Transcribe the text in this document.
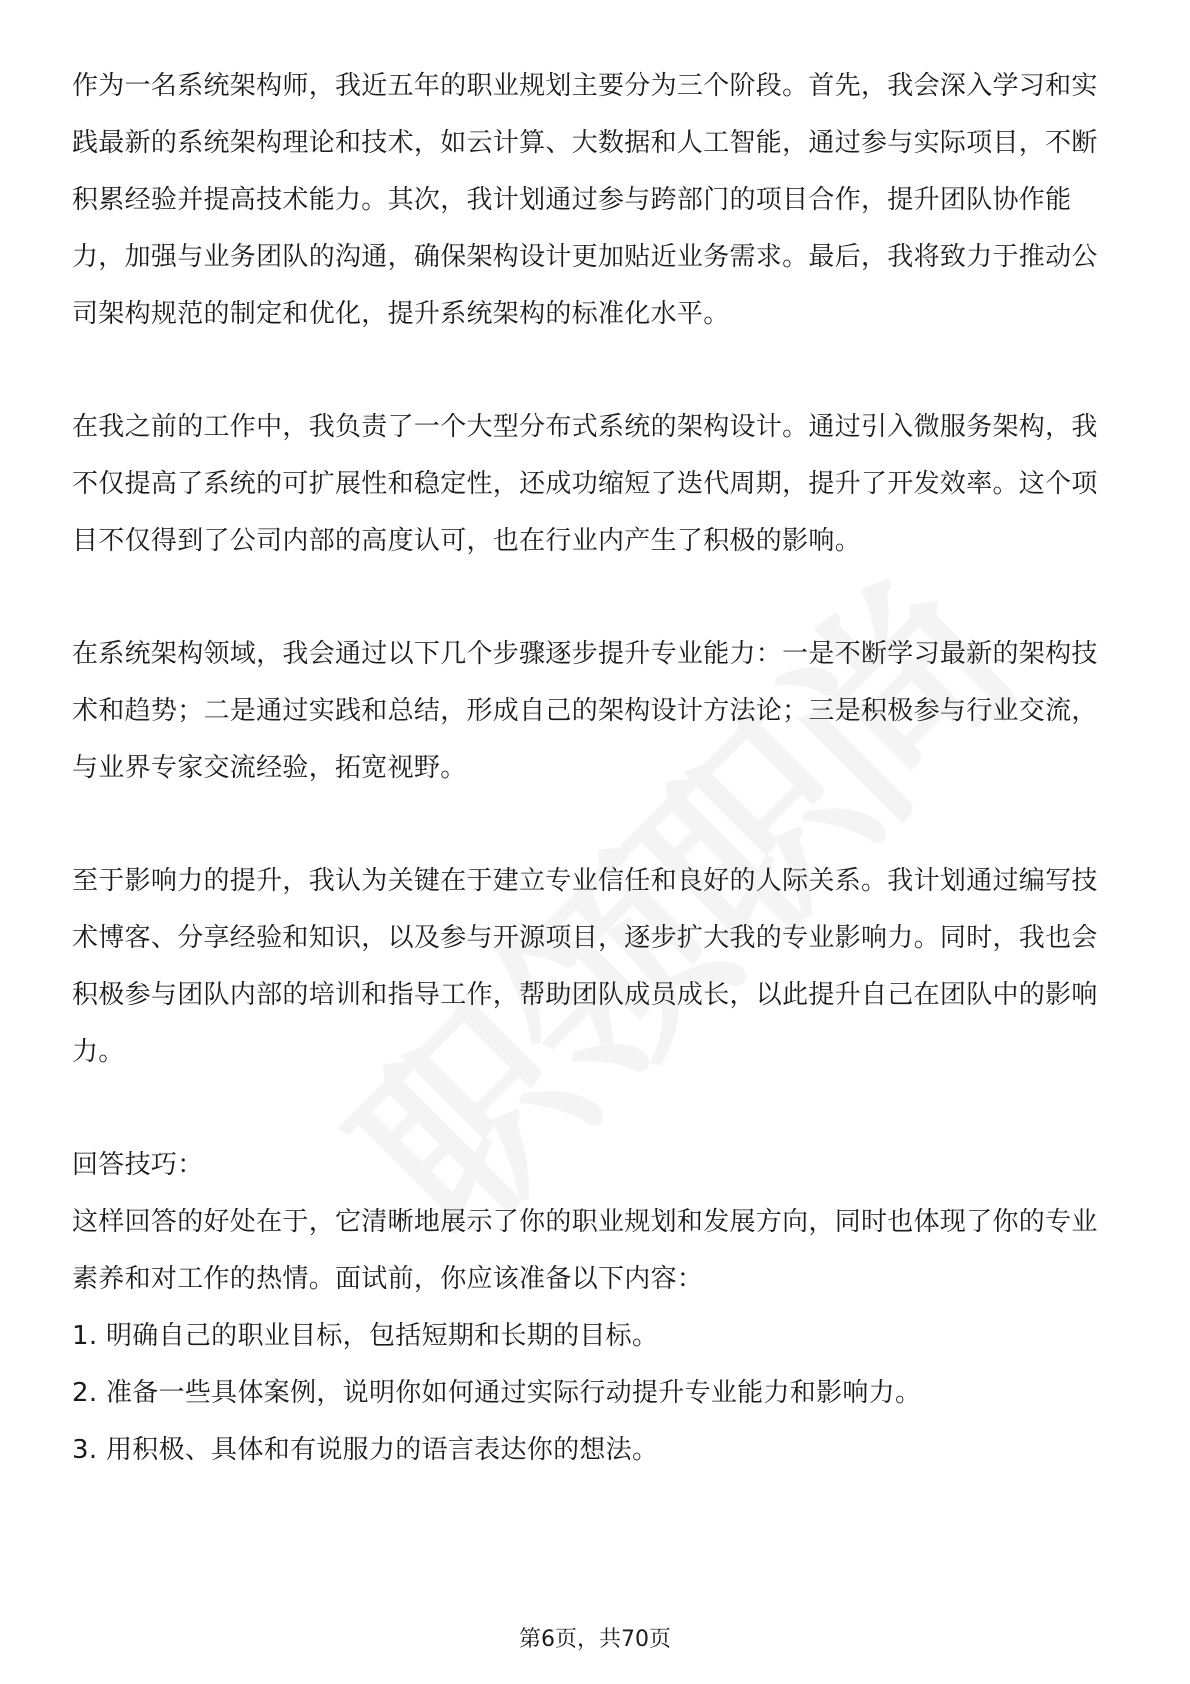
作为一名系统架构师，我近五年的职业规划主要分为三个阶段。首先，我会深入学习和实践最新的系统架构理论和技术，如云计算、大数据和人工智能，通过参与实际项目，不断积累经验并提高技术能力。其次，我计划通过参与跨部门的项目合作，提升团队协作能力，加强与业务团队的沟通，确保架构设计更加贴近业务需求。最后，我将致力于推动公司架构规范的制定和优化，提升系统架构的标准化水平。

在我之前的工作中，我负责了一个大型分布式系统的架构设计。通过引入微服务架构，我不仅提高了系统的可扩展性和稳定性，还成功缩短了迭代周期，提升了开发效率。这个项目不仅得到了公司内部的高度认可，也在行业内产生了积极的影响。

在系统架构领域，我会通过以下几个步骤逐步提升专业能力：一是不断学习最新的架构技术和趋势；二是通过实践和总结，形成自己的架构设计方法论；三是积极参与行业交流，与业界专家交流经验，拓宽视野。

至于影响力的提升，我认为关键在于建立专业信任和良好的人际关系。我计划通过编写技术博客、分享经验和知识，以及参与开源项目，逐步扩大我的专业影响力。同时，我也会积极参与团队内部的培训和指导工作，帮助团队成员成长，以此提升自己在团队中的影响力。

回答技巧：

这样回答的好处在于，它清晰地展示了你的职业规划和发展方向，同时也体现了你的专业素养和对工作的热情。面试前，你应该准备以下内容：

1. 明确自己的职业目标，包括短期和长期的目标。

2. 准备一些具体案例，说明你如何通过实际行动提升专业能力和影响力。

3. 用积极、具体和有说服力的语言表达你的想法。

第6页，共70页
